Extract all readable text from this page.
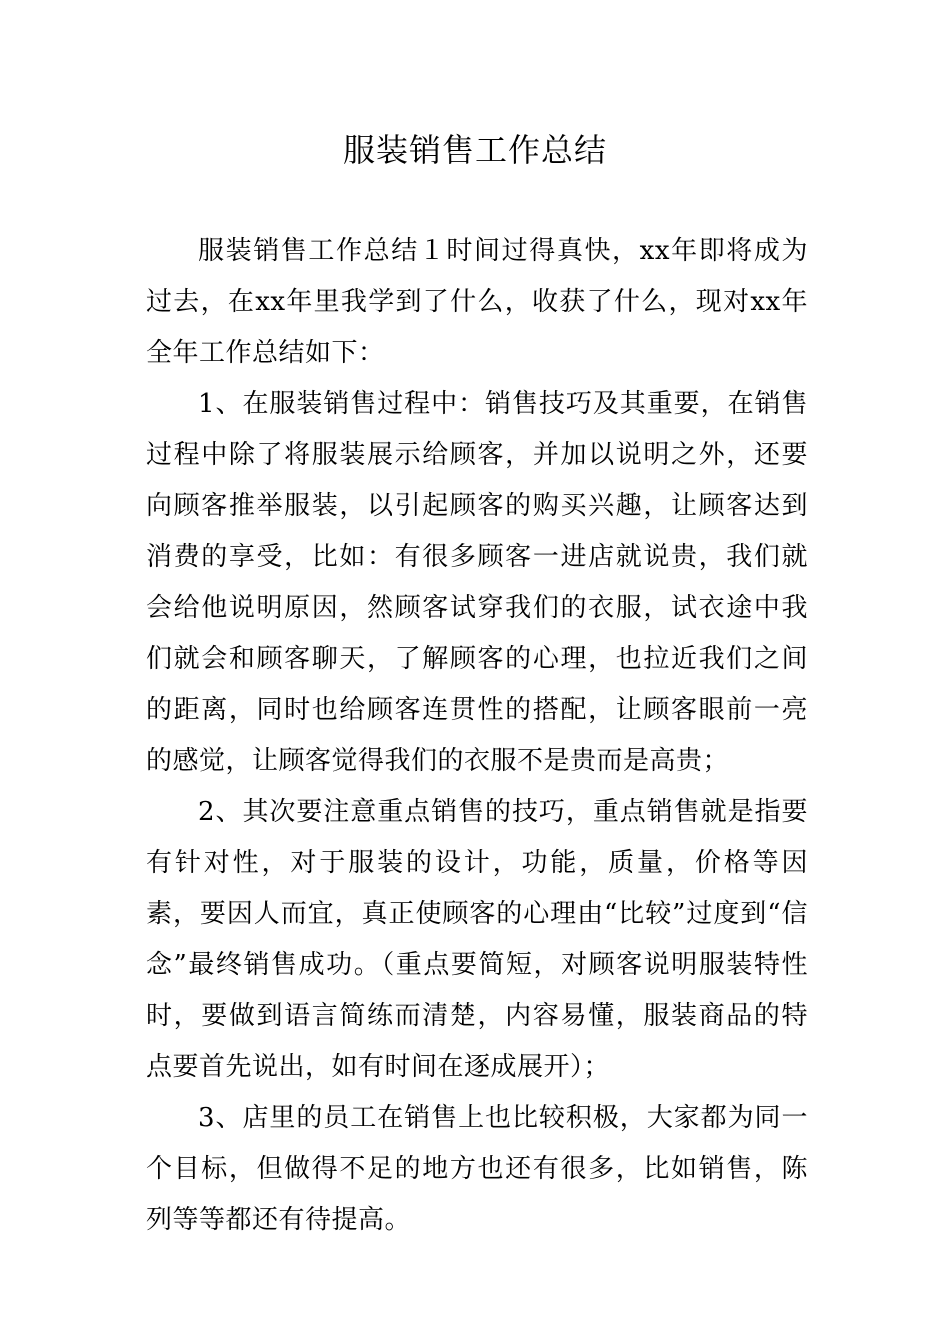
服装销售工作总结

服装销售工作总结１时间过得真快，xx年即将成为过去，在xx年里我学到了什么，收获了什么，现对xx年全年工作总结如下：

1、在服装销售过程中：销售技巧及其重要，在销售过程中除了将服装展示给顾客，并加以说明之外，还要向顾客推举服装，以引起顾客的购买兴趣，让顾客达到消费的享受，比如：有很多顾客一进店就说贵，我们就会给他说明原因，然顾客试穿我们的衣服，试衣途中我们就会和顾客聊天，了解顾客的心理，也拉近我们之间的距离，同时也给顾客连贯性的搭配，让顾客眼前一亮的感觉，让顾客觉得我们的衣服不是贵而是高贵；

2、其次要注意重点销售的技巧，重点销售就是指要有针对性，对于服装的设计，功能，质量，价格等因素，要因人而宜，真正使顾客的心理由“比较”过度到“信念”最终销售成功。（重点要简短，对顾客说明服装特性时，要做到语言简练而清楚，内容易懂，服装商品的特点要首先说出，如有时间在逐成展开）；

3、店里的员工在销售上也比较积极，大家都为同一个目标，但做得不足的地方也还有很多，比如销售，陈列等等都还有待提高。
